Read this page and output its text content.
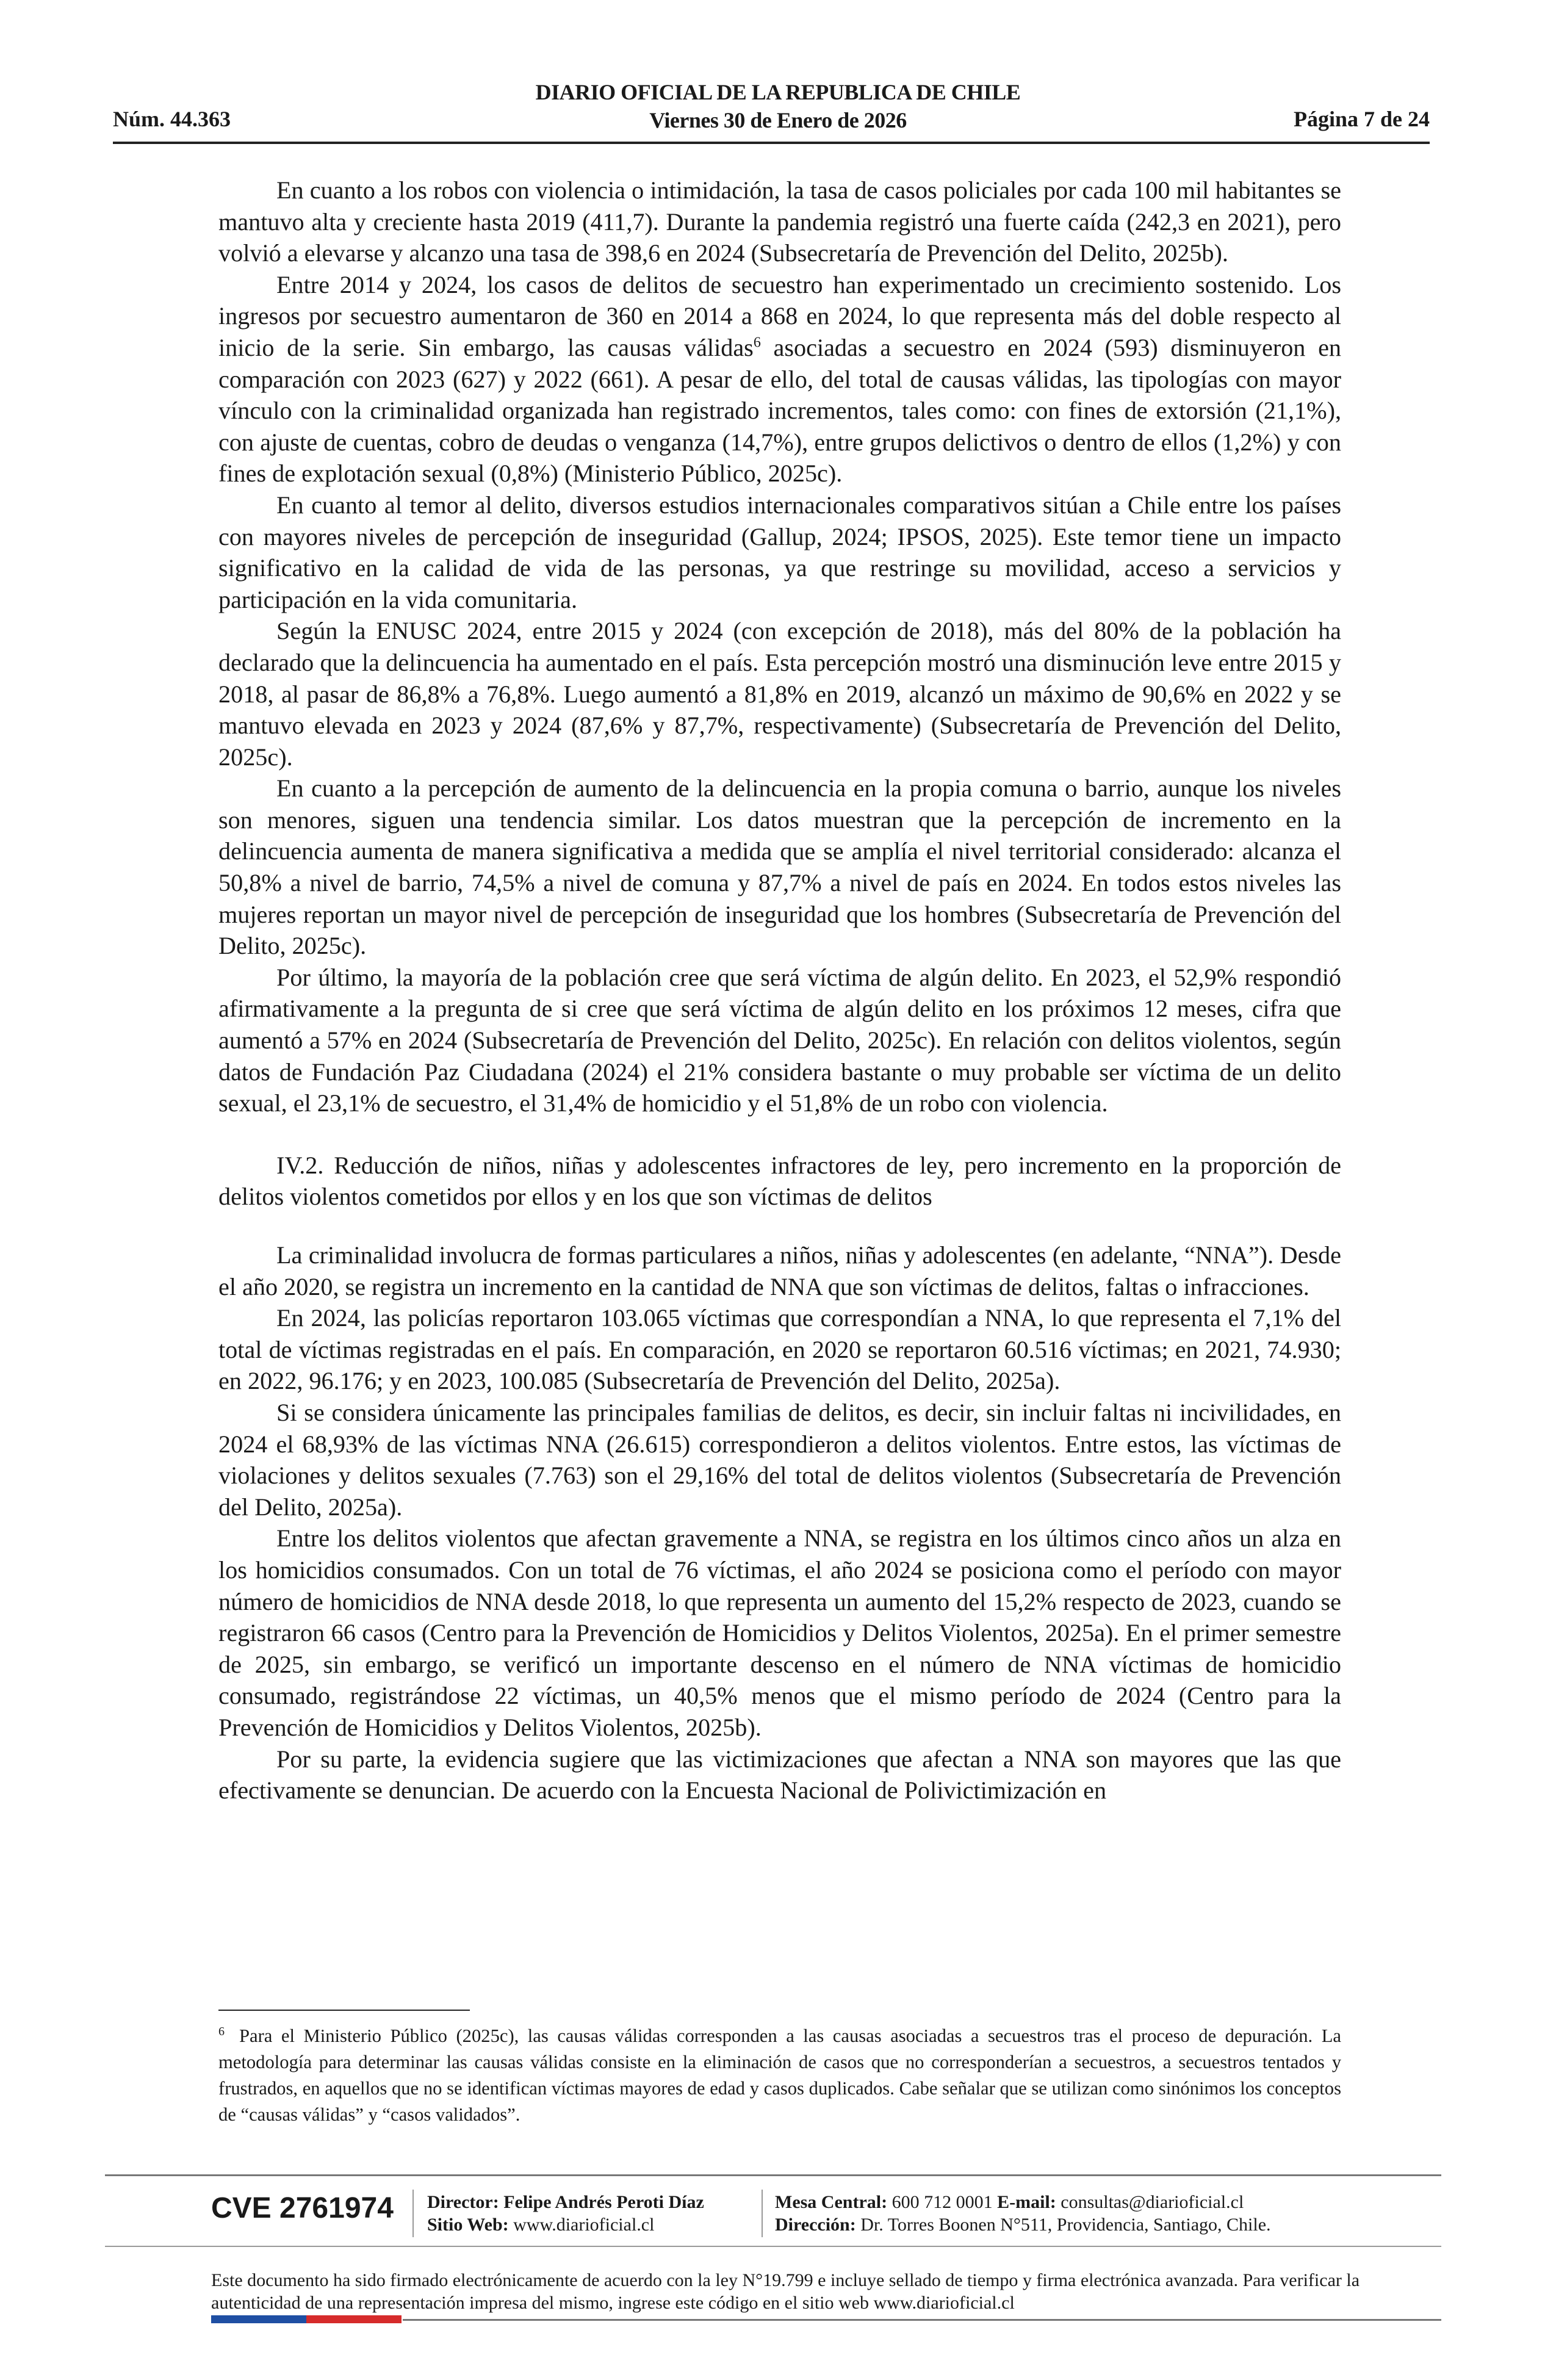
DIARIO OFICIAL DE LA REPUBLICA DE CHILE
Viernes 30 de Enero de 2026
Núm. 44.363	Página 7 de 24

En cuanto a los robos con violencia o intimidación, la tasa de casos policiales por cada 100 mil habitantes se mantuvo alta y creciente hasta 2019 (411,7). Durante la pandemia registró una fuerte caída (242,3 en 2021), pero volvió a elevarse y alcanzo una tasa de 398,6 en 2024 (Subsecretaría de Prevención del Delito, 2025b).

Entre 2014 y 2024, los casos de delitos de secuestro han experimentado un crecimiento sostenido. Los ingresos por secuestro aumentaron de 360 en 2014 a 868 en 2024, lo que representa más del doble respecto al inicio de la serie. Sin embargo, las causas válidas$^6$ asociadas a secuestro en 2024 (593) disminuyeron en comparación con 2023 (627) y 2022 (661). A pesar de ello, del total de causas válidas, las tipologías con mayor vínculo con la criminalidad organizada han registrado incrementos, tales como: con fines de extorsión (21,1%), con ajuste de cuentas, cobro de deudas o venganza (14,7%), entre grupos delictivos o dentro de ellos (1,2%) y con fines de explotación sexual (0,8%) (Ministerio Público, 2025c).

En cuanto al temor al delito, diversos estudios internacionales comparativos sitúan a Chile entre los países con mayores niveles de percepción de inseguridad (Gallup, 2024; IPSOS, 2025). Este temor tiene un impacto significativo en la calidad de vida de las personas, ya que restringe su movilidad, acceso a servicios y participación en la vida comunitaria.

Según la ENUSC 2024, entre 2015 y 2024 (con excepción de 2018), más del 80% de la población ha declarado que la delincuencia ha aumentado en el país. Esta percepción mostró una disminución leve entre 2015 y 2018, al pasar de 86,8% a 76,8%. Luego aumentó a 81,8% en 2019, alcanzó un máximo de 90,6% en 2022 y se mantuvo elevada en 2023 y 2024 (87,6% y 87,7%, respectivamente) (Subsecretaría de Prevención del Delito, 2025c).

En cuanto a la percepción de aumento de la delincuencia en la propia comuna o barrio, aunque los niveles son menores, siguen una tendencia similar. Los datos muestran que la percepción de incremento en la delincuencia aumenta de manera significativa a medida que se amplía el nivel territorial considerado: alcanza el 50,8% a nivel de barrio, 74,5% a nivel de comuna y 87,7% a nivel de país en 2024. En todos estos niveles las mujeres reportan un mayor nivel de percepción de inseguridad que los hombres (Subsecretaría de Prevención del Delito, 2025c).

Por último, la mayoría de la población cree que será víctima de algún delito. En 2023, el 52,9% respondió afirmativamente a la pregunta de si cree que será víctima de algún delito en los próximos 12 meses, cifra que aumentó a 57% en 2024 (Subsecretaría de Prevención del Delito, 2025c). En relación con delitos violentos, según datos de Fundación Paz Ciudadana (2024) el 21% considera bastante o muy probable ser víctima de un delito sexual, el 23,1% de secuestro, el 31,4% de homicidio y el 51,8% de un robo con violencia.

IV.2. Reducción de niños, niñas y adolescentes infractores de ley, pero incremento en la proporción de delitos violentos cometidos por ellos y en los que son víctimas de delitos

La criminalidad involucra de formas particulares a niños, niñas y adolescentes (en adelante, “NNA”). Desde el año 2020, se registra un incremento en la cantidad de NNA que son víctimas de delitos, faltas o infracciones.

En 2024, las policías reportaron 103.065 víctimas que correspondían a NNA, lo que representa el 7,1% del total de víctimas registradas en el país. En comparación, en 2020 se reportaron 60.516 víctimas; en 2021, 74.930; en 2022, 96.176; y en 2023, 100.085 (Subsecretaría de Prevención del Delito, 2025a).

Si se considera únicamente las principales familias de delitos, es decir, sin incluir faltas ni incivilidades, en 2024 el 68,93% de las víctimas NNA (26.615) correspondieron a delitos violentos. Entre estos, las víctimas de violaciones y delitos sexuales (7.763) son el 29,16% del total de delitos violentos (Subsecretaría de Prevención del Delito, 2025a).

Entre los delitos violentos que afectan gravemente a NNA, se registra en los últimos cinco años un alza en los homicidios consumados. Con un total de 76 víctimas, el año 2024 se posiciona como el período con mayor número de homicidios de NNA desde 2018, lo que representa un aumento del 15,2% respecto de 2023, cuando se registraron 66 casos (Centro para la Prevención de Homicidios y Delitos Violentos, 2025a). En el primer semestre de 2025, sin embargo, se verificó un importante descenso en el número de NNA víctimas de homicidio consumado, registrándose 22 víctimas, un 40,5% menos que el mismo período de 2024 (Centro para la Prevención de Homicidios y Delitos Violentos, 2025b).

Por su parte, la evidencia sugiere que las victimizaciones que afectan a NNA son mayores que las que efectivamente se denuncian. De acuerdo con la Encuesta Nacional de Polivictimización en

$^6$ Para el Ministerio Público (2025c), las causas válidas corresponden a las causas asociadas a secuestros tras el proceso de depuración. La metodología para determinar las causas válidas consiste en la eliminación de casos que no corresponderían a secuestros, a secuestros tentados y frustrados, en aquellos que no se identifican víctimas mayores de edad y casos duplicados. Cabe señalar que se utilizan como sinónimos los conceptos de “causas válidas” y “casos validados”.
CVE 2761974 Director: Felipe Andrés Peroti Díaz
Sitio Web: www.diarioficial.cl
Mesa Central: 600 712 0001 E-mail: consultas@diarioficial.cl
Dirección: Dr. Torres Boonen N°511, Providencia, Santiago, Chile.
Este documento ha sido firmado electrónicamente de acuerdo con la ley N°19.799 e incluye sellado de tiempo y firma electrónica avanzada. Para verificar la autenticidad de una representación impresa del mismo, ingrese este código en el sitio web www.diarioficial.cl
